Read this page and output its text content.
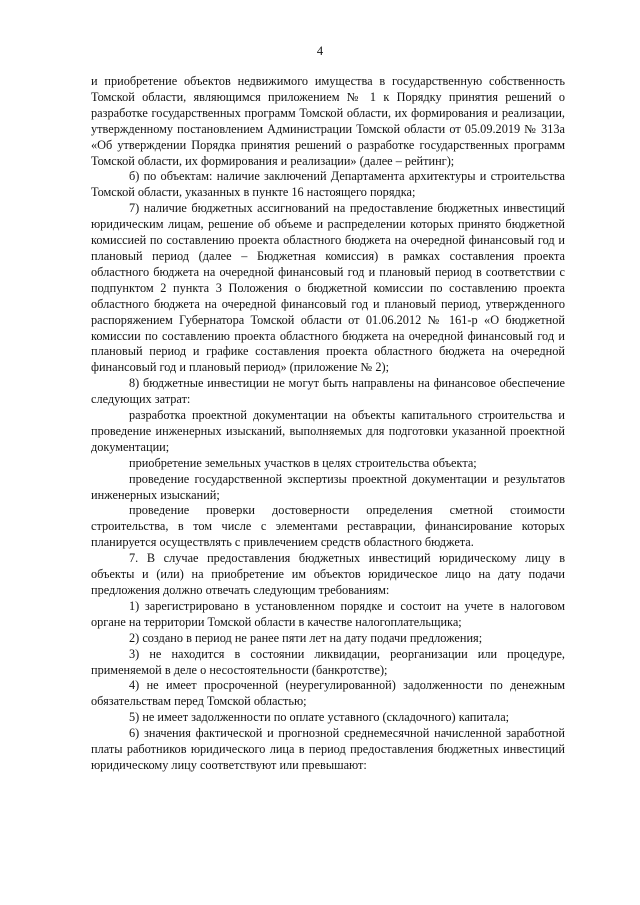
4

и приобретение объектов недвижимого имущества в государственную собственность Томской области, являющимся приложением № 1 к Порядку принятия решений о разработке государственных программ Томской области, их формирования и реализации, утвержденному постановлением Администрации Томской области от 05.09.2019 № 313а «Об утверждении Порядка принятия решений о разработке государственных программ Томской области, их формирования и реализации» (далее – рейтинг);

б) по объектам: наличие заключений Департамента архитектуры и строительства Томской области, указанных в пункте 16 настоящего порядка;

7) наличие бюджетных ассигнований на предоставление бюджетных инвестиций юридическим лицам, решение об объеме и распределении которых принято бюджетной комиссией по составлению проекта областного бюджета на очередной финансовый год и плановый период (далее – Бюджетная комиссия) в рамках составления проекта областного бюджета на очередной финансовый год и плановый период в соответствии с подпунктом 2 пункта 3 Положения о бюджетной комиссии по составлению проекта областного бюджета на очередной финансовый год и плановый период, утвержденного распоряжением Губернатора Томской области от 01.06.2012 № 161-р «О бюджетной комиссии по составлению проекта областного бюджета на очередной финансовый год и плановый период и графике составления проекта областного бюджета на очередной финансовый год и плановый период» (приложение № 2);

8) бюджетные инвестиции не могут быть направлены на финансовое обеспечение следующих затрат:

разработка проектной документации на объекты капитального строительства и проведение инженерных изысканий, выполняемых для подготовки указанной проектной документации;

приобретение земельных участков в целях строительства объекта;

проведение государственной экспертизы проектной документации и результатов инженерных изысканий;

проведение проверки достоверности определения сметной стоимости строительства, в том числе с элементами реставрации, финансирование которых планируется осуществлять с привлечением средств областного бюджета.

7. В случае предоставления бюджетных инвестиций юридическому лицу в объекты и (или) на приобретение им объектов юридическое лицо на дату подачи предложения должно отвечать следующим требованиям:

1) зарегистрировано в установленном порядке и состоит на учете в налоговом органе на территории Томской области в качестве налогоплательщика;

2) создано в период не ранее пяти лет на дату подачи предложения;

3) не находится в состоянии ликвидации, реорганизации или процедуре, применяемой в деле о несостоятельности (банкротстве);

4) не имеет просроченной (неурегулированной) задолженности по денежным обязательствам перед Томской областью;

5) не имеет задолженности по оплате уставного (складочного) капитала;

6) значения фактической и прогнозной среднемесячной начисленной заработной платы работников юридического лица в период предоставления бюджетных инвестиций юридическому лицу соответствуют или превышают:
